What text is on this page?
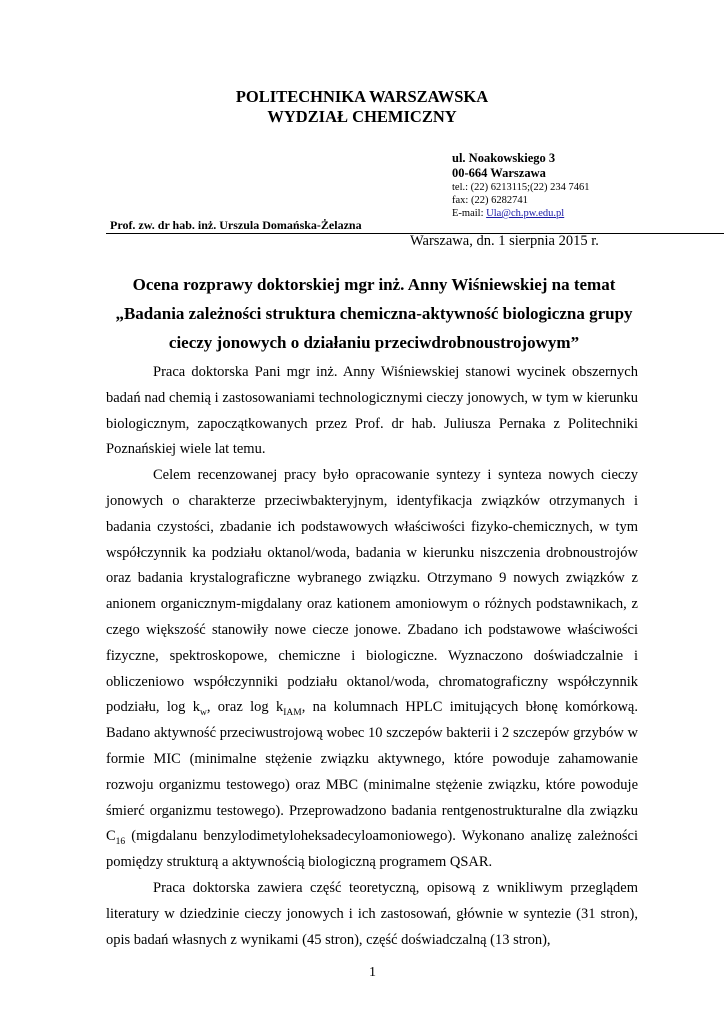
POLITECHNIKA WARSZAWSKA
WYDZIAŁ CHEMICZNY
ul. Noakowskiego 3
00-664 Warszawa
tel.: (22) 6213115;(22) 234 7461
fax: (22) 6282741
E-mail: Ula@ch.pw.edu.pl
Prof. zw. dr hab. inż. Urszula Domańska-Żelazna
Warszawa, dn. 1 sierpnia 2015 r.
Ocena rozprawy doktorskiej mgr inż. Anny Wiśniewskiej na temat
„Badania zależności struktura chemiczna-aktywność biologiczna grupy
cieczy jonowych o działaniu przeciwdrobnoustrojowym”

Praca doktorska Pani mgr inż. Anny Wiśniewskiej stanowi wycinek obszernych badań nad chemią i zastosowaniami technologicznymi cieczy jonowych, w tym w kierunku biologicznym, zapoczątkowanych przez Prof. dr hab. Juliusza Pernaka z Politechniki Poznańskiej wiele lat temu.

Celem recenzowanej pracy było opracowanie syntezy i synteza nowych cieczy jonowych o charakterze przeciwbakteryjnym, identyfikacja związków otrzymanych i badania czystości, zbadanie ich podstawowych właściwości fizyko-chemicznych, w tym współczynnik ka podziału oktanol/woda, badania w kierunku niszczenia drobnoustrojów oraz badania krystalograficzne wybranego związku. Otrzymano 9 nowych związków z anionem organicznym-migdalany oraz kationem amoniowym o różnych podstawnikach, z czego większość stanowiły nowe ciecze jonowe. Zbadano ich podstawowe właściwości fizyczne, spektroskopowe, chemiczne i biologiczne. Wyznaczono doświadczalnie i obliczeniowo współczynniki podziału oktanol/woda, chromatograficzny współczynnik podziału, $\log k_w$, oraz $\log k_{IAM}$, na kolumnach HPLC imitujących błonę komórkową. Badano aktywność przeciwustrojową wobec 10 szczepów bakterii i 2 szczepów grzybów w formie MIC (minimalne stężenie związku aktywnego, które powoduje zahamowanie rozwoju organizmu testowego) oraz MBC (minimalne stężenie związku, które powoduje śmierć organizmu testowego). Przeprowadzono badania rentgenostrukturalne dla związku $C_{16}$ (migdalanu benzylodimetyloheksadecyloamoniowego). Wykonano analizę zależności pomiędzy strukturą a aktywnością biologiczną programem QSAR.

Praca doktorska zawiera część teoretyczną, opisową z wnikliwym przeglądem literatury w dziedzinie cieczy jonowych i ich zastosowań, głównie w syntezie (31 stron), opis badań własnych z wynikami (45 stron), część doświadczalną (13 stron),

1
